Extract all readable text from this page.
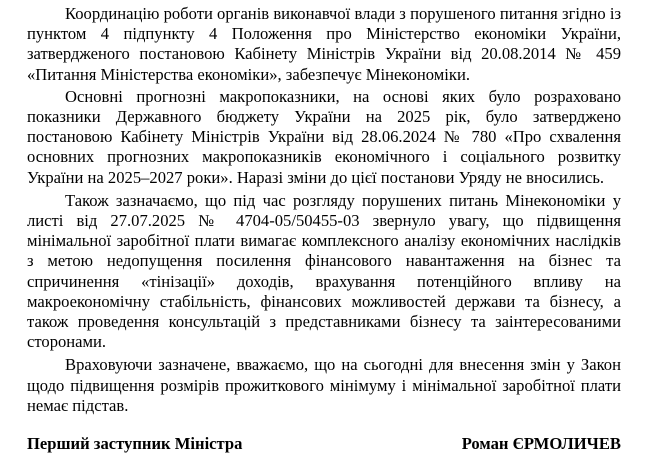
Координацію роботи органів виконавчої влади з порушеного питання згідно із пунктом 4 підпункту 4 Положення про Міністерство економіки України, затвердженого постановою Кабінету Міністрів України від 20.08.2014 № 459 «Питання Міністерства економіки», забезпечує Мінекономіки.

Основні прогнозні макропоказники, на основі яких було розраховано показники Державного бюджету України на 2025 рік, було затверджено постановою Кабінету Міністрів України від 28.06.2024 № 780 «Про схвалення основних прогнозних макропоказників економічного і соціального розвитку України на 2025–2027 роки». Наразі зміни до цієї постанови Уряду не вносились.

Також зазначаємо, що під час розгляду порушених питань Мінекономіки у листі від 27.07.2025 № 4704-05/50455-03 звернуло увагу, що підвищення мінімальної заробітної плати вимагає комплексного аналізу економічних наслідків з метою недопущення посилення фінансового навантаження на бізнес та спричинення «тінізації» доходів, врахування потенційного впливу на макроекономічну стабільність, фінансових можливостей держави та бізнесу, а також проведення консультацій з представниками бізнесу та заінтересованими сторонами.

Враховуючи зазначене, вважаємо, що на сьогодні для внесення змін у Закон щодо підвищення розмірів прожиткового мінімуму і мінімальної заробітної плати немає підстав.

Перший заступник Міністра	Роман ЄРМОЛИЧЕВ
